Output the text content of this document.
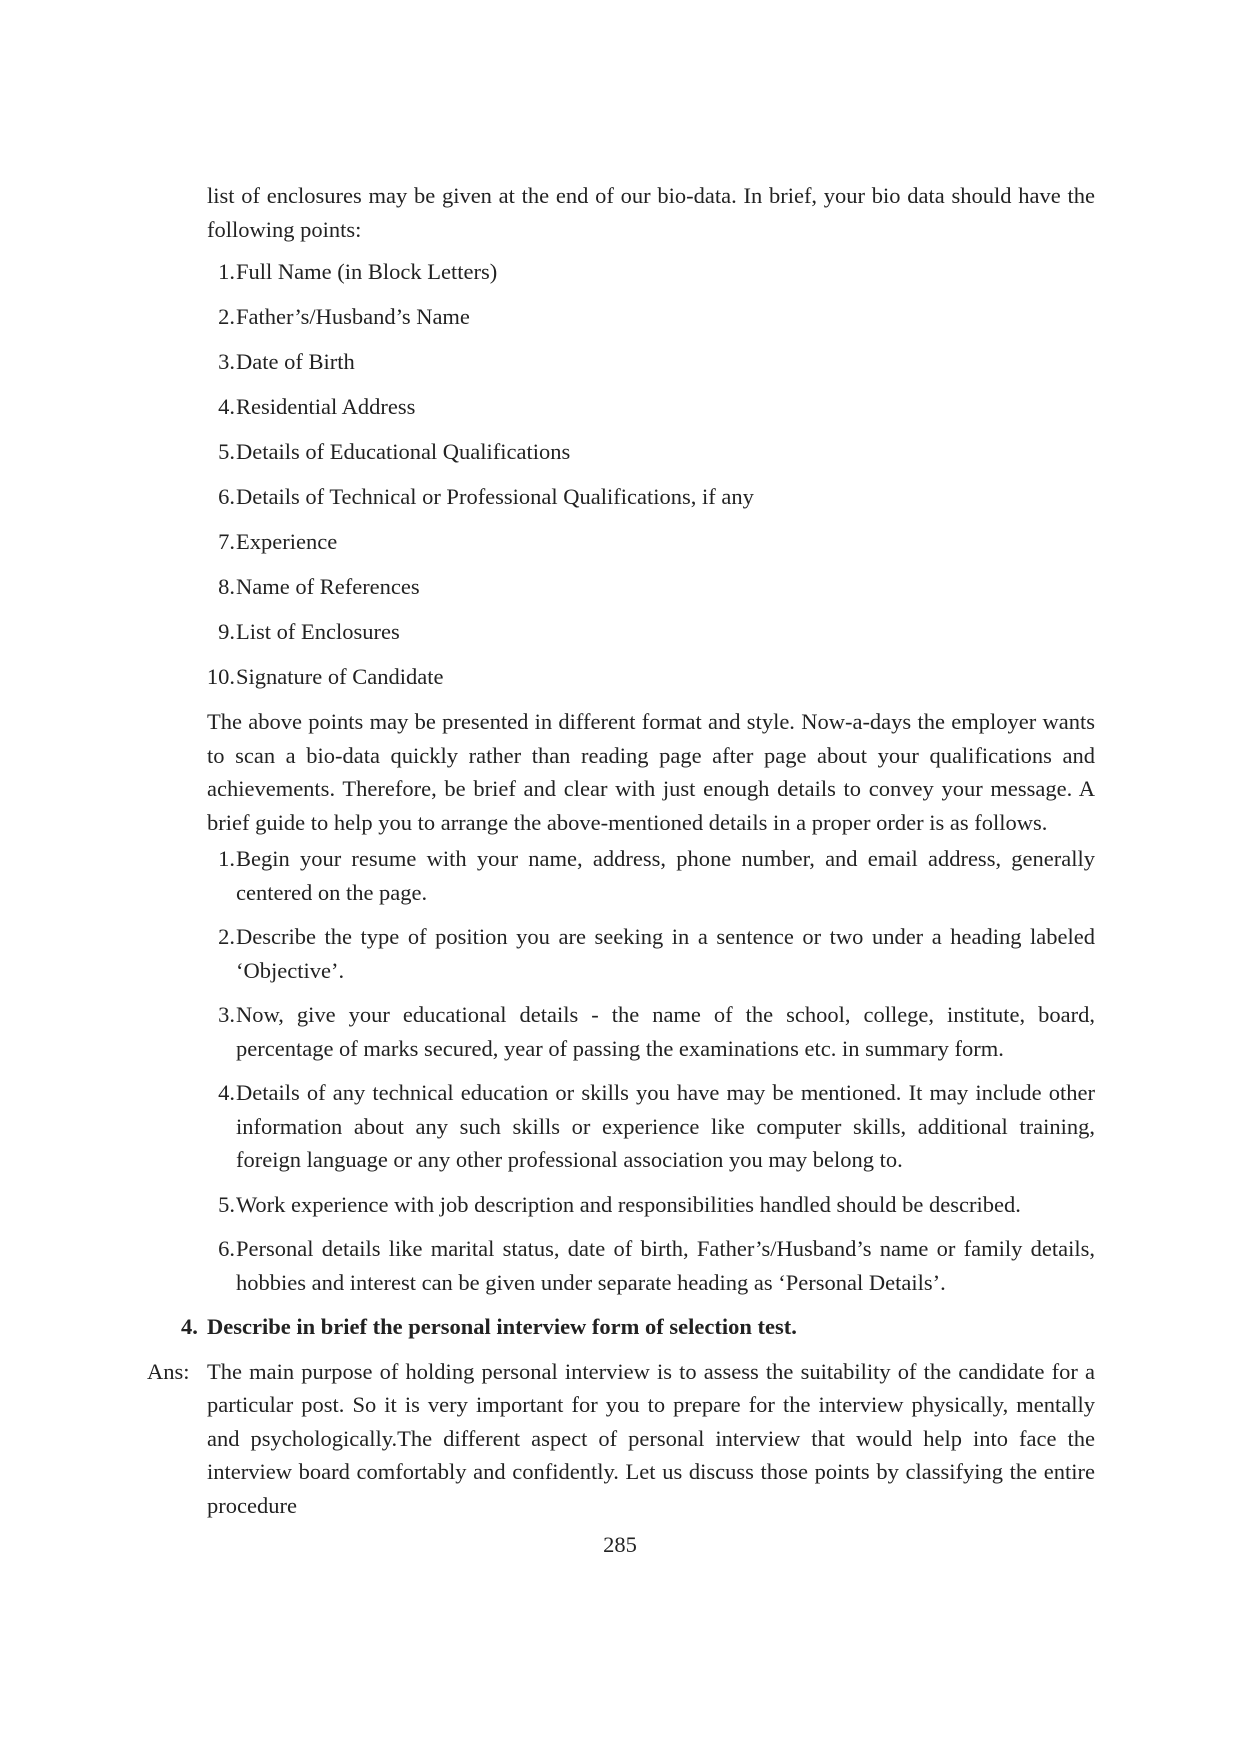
list of enclosures may be given at the end of our bio-data. In brief, your bio data should have the following points:

1. Full Name (in Block Letters)
2. Father’s/Husband’s Name
3. Date of Birth
4. Residential Address
5. Details of Educational Qualifications
6. Details of Technical or Professional Qualifications, if any
7. Experience
8. Name of References
9. List of Enclosures
10. Signature of Candidate

The above points may be presented in different format and style. Now-a-days the employer wants to scan a bio-data quickly rather than reading page after page about your qualifications and achievements. Therefore, be brief and clear with just enough details to convey your message. A brief guide to help you to arrange the above-mentioned details in a proper order is as follows.

1. Begin your resume with your name, address, phone number, and email address, generally centered on the page.
2. Describe the type of position you are seeking in a sentence or two under a heading labeled ‘Objective’.
3. Now, give your educational details - the name of the school, college, institute, board, percentage of marks secured, year of passing the examinations etc. in summary form.
4. Details of any technical education or skills you have may be mentioned. It may include other information about any such skills or experience like computer skills, additional training, foreign language or any other professional association you may belong to.
5. Work experience with job description and responsibilities handled should be described.
6. Personal details like marital status, date of birth, Father’s/Husband’s name or family details, hobbies and interest can be given under separate heading as ‘Personal Details’.
4. Describe in brief the personal interview form of selection test.
Ans: The main purpose of holding personal interview is to assess the suitability of the candidate for a particular post. So it is very important for you to prepare for the interview physically, mentally and psychologically.The different aspect of personal interview that would help into face the interview board comfortably and confidently. Let us discuss those points by classifying the entire procedure

285
